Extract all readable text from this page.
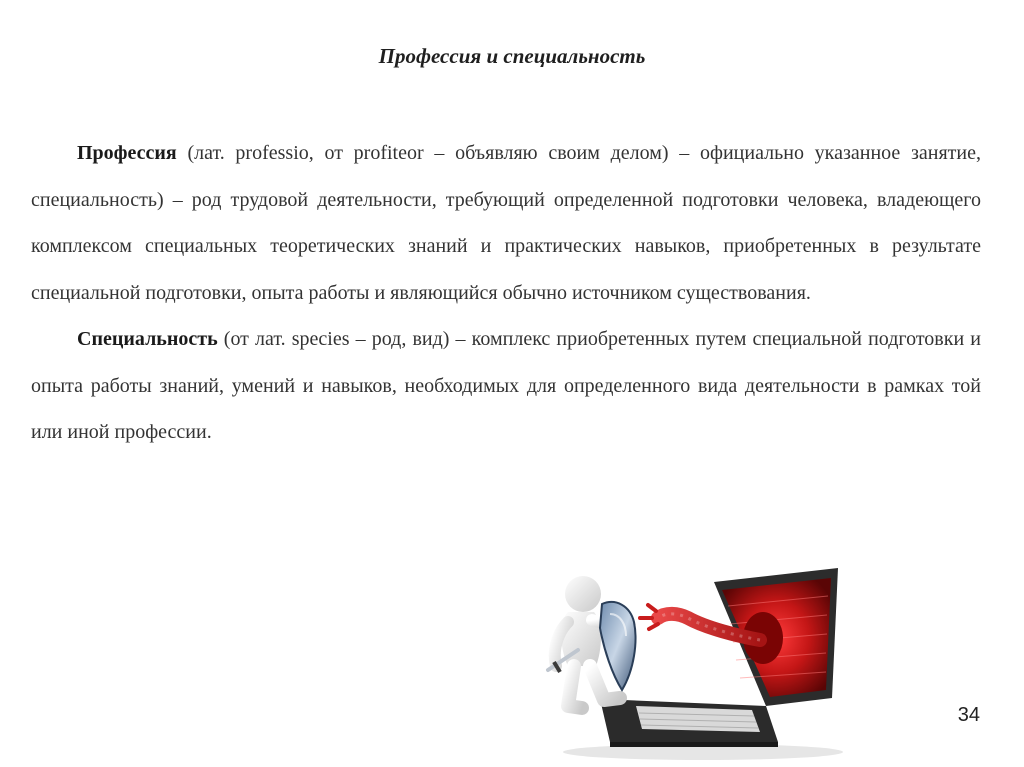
Профессия и специальность

Профессия (лат. professio, от profiteor – объявляю своим делом) – официально указанное занятие, специальность) – род трудовой деятельности, требующий определенной подготовки человека, владеющего комплексом специальных теоретических знаний и практических навыков, приобретенных в результате специальной подготовки, опыта работы и являющийся обычно источником существования.

Специальность (от лат. species – род, вид) – комплекс приобретенных путем специальной подготовки и опыта работы знаний, умений и навыков, необходимых для определенного вида деятельности в рамках той или иной профессии.

34
